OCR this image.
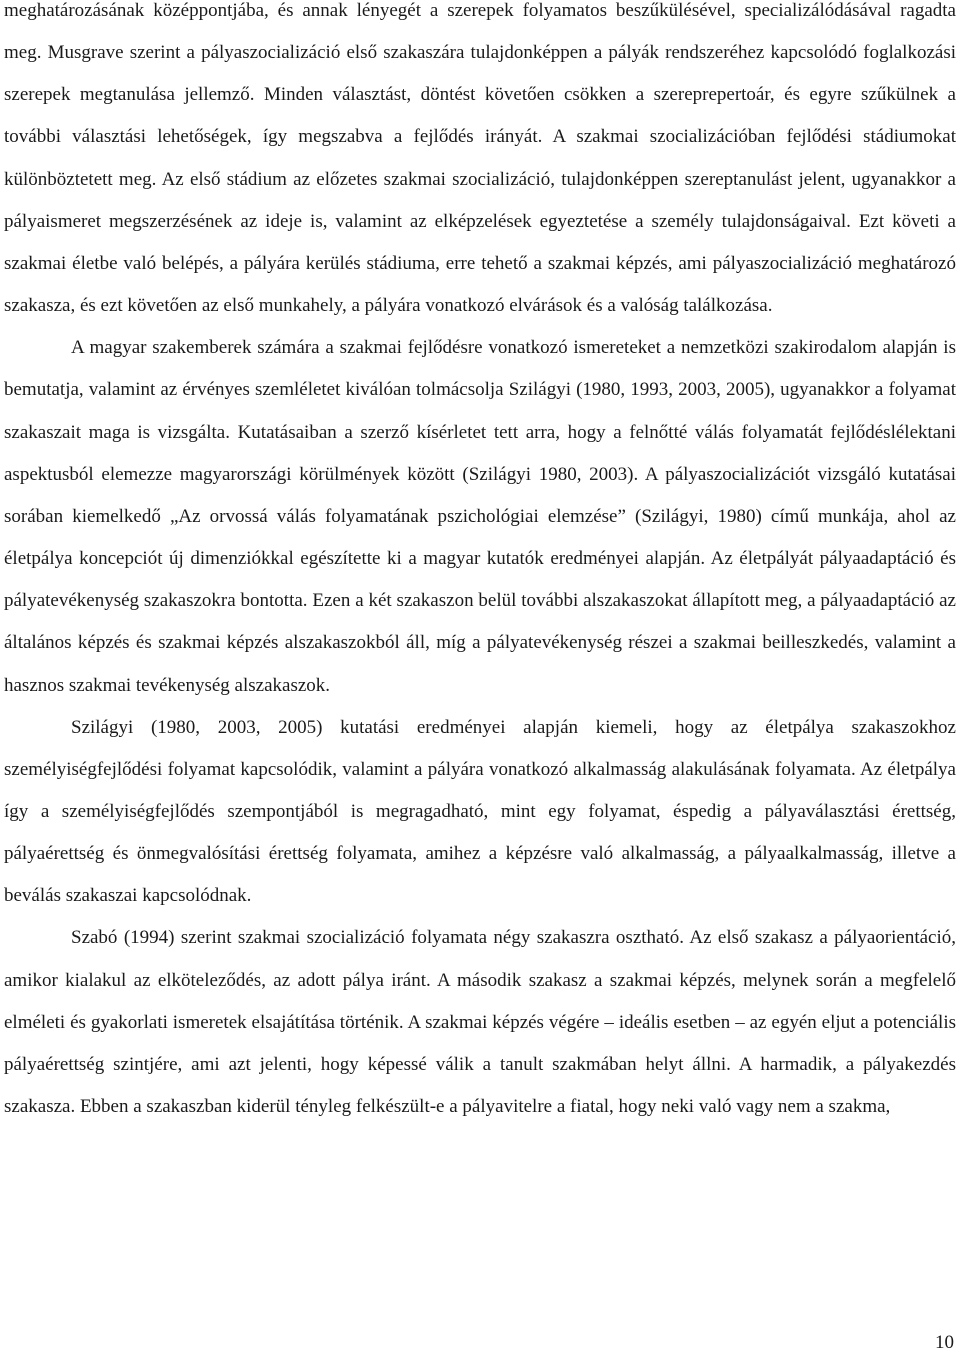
meghatározásának középpontjába, és annak lényegét a szerepek folyamatos beszűkülésével, specializálódásával ragadta meg. Musgrave szerint a pályaszocializáció első szakaszára tulajdonképpen a pályák rendszeréhez kapcsolódó foglalkozási szerepek megtanulása jellemző. Minden választást, döntést követően csökken a szereprepertoár, és egyre szűkülnek a további választási lehetőségek, így megszabva a fejlődés irányát. A szakmai szocializációban fejlődési stádiumokat különböztetett meg. Az első stádium az előzetes szakmai szocializáció, tulajdonképpen szereptanulást jelent, ugyanakkor a pályaismeret megszerzésének az ideje is, valamint az elképzelések egyeztetése a személy tulajdonságaival. Ezt követi a szakmai életbe való belépés, a pályára kerülés stádiuma, erre tehető a szakmai képzés, ami pályaszocializáció meghatározó szakasza, és ezt követően az első munkahely, a pályára vonatkozó elvárások és a valóság találkozása.

A magyar szakemberek számára a szakmai fejlődésre vonatkozó ismereteket a nemzetközi szakirodalom alapján is bemutatja, valamint az érvényes szemléletet kiválóan tolmácsolja Szilágyi (1980, 1993, 2003, 2005), ugyanakkor a folyamat szakaszait maga is vizsgálta. Kutatásaiban a szerző kísérletet tett arra, hogy a felnőtté válás folyamatát fejlődéslélektani aspektusból elemezze magyarországi körülmények között (Szilágyi 1980, 2003). A pályaszocializációt vizsgáló kutatásai sorában kiemelkedő „Az orvossá válás folyamatának pszichológiai elemzése” (Szilágyi, 1980) című munkája, ahol az életpálya koncepciót új dimenziókkal egészítette ki a magyar kutatók eredményei alapján. Az életpályát pályaadaptáció és pályatevékenység szakaszokra bontotta. Ezen a két szakaszon belül további alszakaszokat állapított meg, a pályaadaptáció az általános képzés és szakmai képzés alszakaszokból áll, míg a pályatevékenység részei a szakmai beilleszkedés, valamint a hasznos szakmai tevékenység alszakaszok.

Szilágyi (1980, 2003, 2005) kutatási eredményei alapján kiemeli, hogy az életpálya szakaszokhoz személyiségfejlődési folyamat kapcsolódik, valamint a pályára vonatkozó alkalmasság alakulásának folyamata. Az életpálya így a személyiségfejlődés szempontjából is megragadható, mint egy folyamat, éspedig a pályaválasztási érettség, pályaérettség és önmegvalósítási érettség folyamata, amihez a képzésre való alkalmasság, a pályaalkalmasság, illetve a beválás szakaszai kapcsolódnak.

Szabó (1994) szerint szakmai szocializáció folyamata négy szakaszra osztható. Az első szakasz a pályaorientáció, amikor kialakul az elköteleződés, az adott pálya iránt. A második szakasz a szakmai képzés, melynek során a megfelelő elméleti és gyakorlati ismeretek elsajátítása történik. A szakmai képzés végére – ideális esetben – az egyén eljut a potenciális pályaérettség szintjére, ami azt jelenti, hogy képessé válik a tanult szakmában helyt állni. A harmadik, a pályakezdés szakasza. Ebben a szakaszban kiderül tényleg felkészült-e a pályavitelre a fiatal, hogy neki való vagy nem a szakma,

10
